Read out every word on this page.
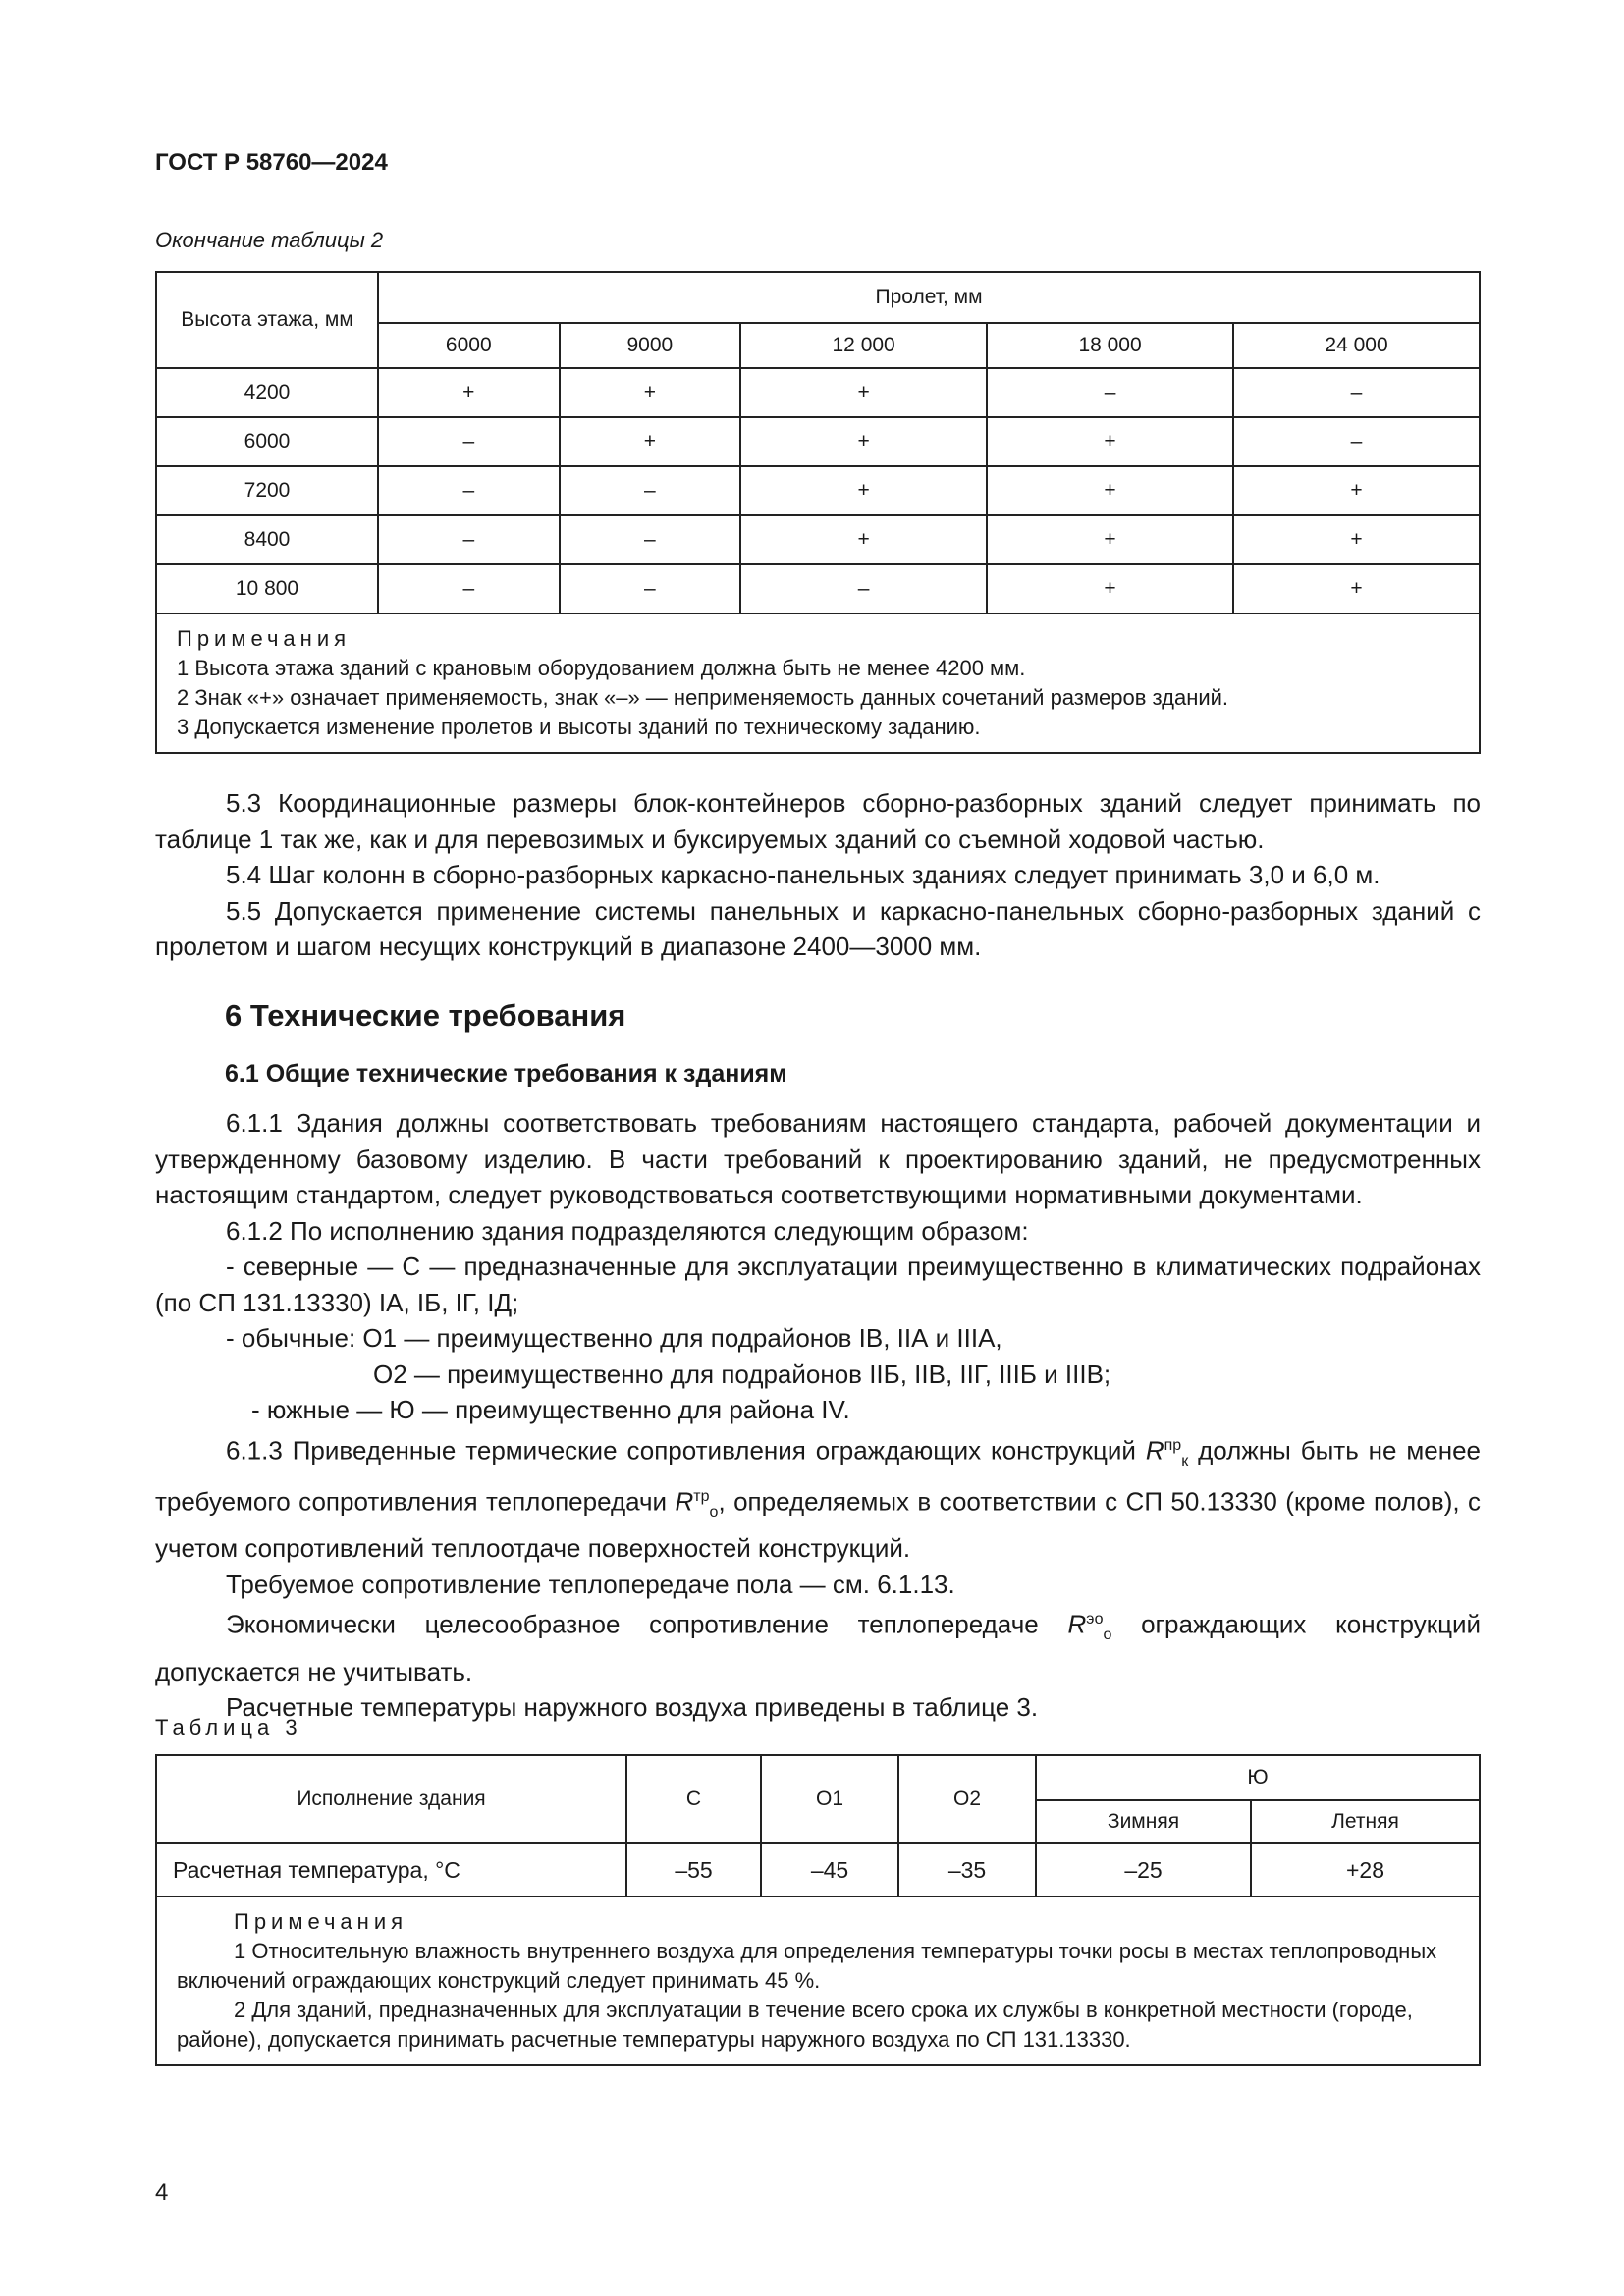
ГОСТ Р 58760—2024
Окончание таблицы 2
Высота этажа, мм	Пролет, мм				
	6000	9000	12 000	18 000	24 000
4200	+	+	+	–	–
6000	–	+	+	+	–
7200	–	–	+	+	+
8400	–	–	+	+	+
10 800	–	–	–	+	+

Примечания
1 Высота этажа зданий с крановым оборудованием должна быть не менее 4200 мм.
2 Знак «+» означает применяемость, знак «–» — неприменяемость данных сочетаний размеров зданий.
3 Допускается изменение пролетов и высоты зданий по техническому заданию.					
5.3 Координационные размеры блок-контейнеров сборно-разборных зданий следует принимать по таблице 1 так же, как и для перевозимых и буксируемых зданий со съемной ходовой частью.
5.4 Шаг колонн в сборно-разборных каркасно-панельных зданиях следует принимать 3,0 и 6,0 м.
5.5 Допускается применение системы панельных и каркасно-панельных сборно-разборных зданий с пролетом и шагом несущих конструкций в диапазоне 2400—3000 мм.
6 Технические требования
6.1 Общие технические требования к зданиям
6.1.1 Здания должны соответствовать требованиям настоящего стандарта, рабочей документации и утвержденному базовому изделию. В части требований к проектированию зданий, не предусмотренных настоящим стандартом, следует руководствоваться соответствующими нормативными документами.
6.1.2 По исполнению здания подразделяются следующим образом:
- северные — С — предназначенные для эксплуатации преимущественно в климатических подрайонах (по СП 131.13330) IА, IБ, IГ, IД;
- обычные: О1 — преимущественно для подрайонов IВ, IIА и IIIА,
О2 — преимущественно для подрайонов IIБ, IIВ, IIГ, IIIБ и IIIВ;
- южные — Ю — преимущественно для района IV.
6.1.3 Приведенные термические сопротивления ограждающих конструкций $R^{пр}_к$ должны быть не менее требуемого сопротивления теплопередачи $R^{тр}_о$, определяемых в соответствии с СП 50.13330 (кроме полов), с учетом сопротивлений теплоотдаче поверхностей конструкций.
Требуемое сопротивление теплопередаче пола — см. 6.1.13.
Экономически целесообразное сопротивление теплопередаче $R^{эо}_о$ ограждающих конструкций допускается не учитывать.
Расчетные температуры наружного воздуха приведены в таблице 3.
Таблица 3
Исполнение здания	С	О1	О2	Ю	
				Зимняя	Летняя
Расчетная температура, °С	–55	–45	–35	–25	+28

Примечания
1 Относительную влажность внутреннего воздуха для определения температуры точки росы в местах теплопроводных включений ограждающих конструкций следует принимать 45 %.
2 Для зданий, предназначенных для эксплуатации в течение всего срока их службы в конкретной местности (городе, районе), допускается принимать расчетные температуры наружного воздуха по СП 131.13330.					
4
